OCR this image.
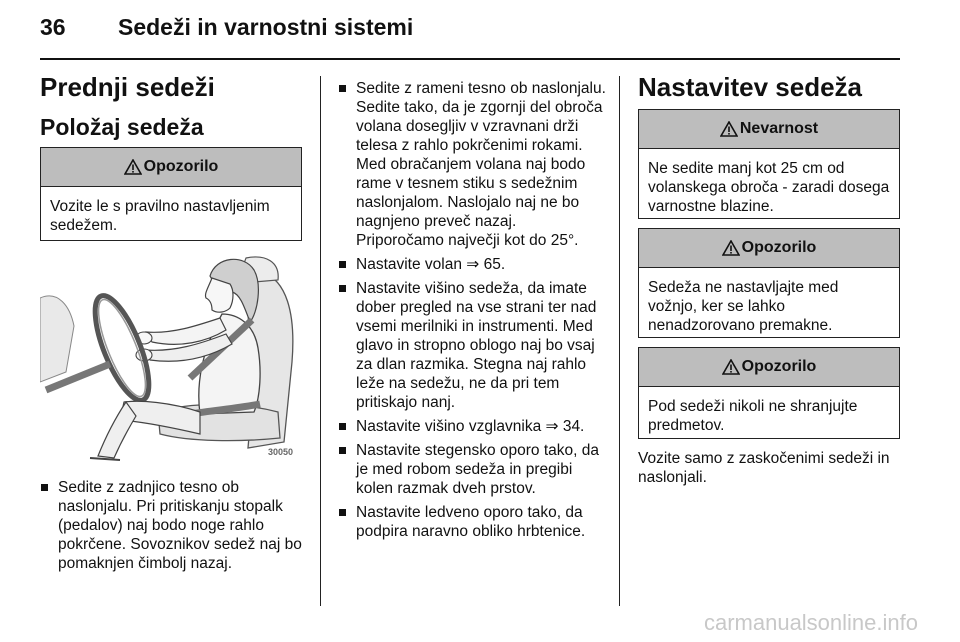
36 Sedeži in varnostni sistemi
Prednji sedeži
Položaj sedeža
Opozorilo
Vozite le s pravilno nastavljenim sedežem.
30050
Sedite z zadnjico tesno ob naslonjalu. Pri pritiskanju stopalk (pedalov) naj bodo noge rahlo pokrčene. Sovoznikov sedež naj bo pomaknjen čimbolj nazaj.
Sedite z rameni tesno ob naslonjalu. Sedite tako, da je zgornji del obroča volana dosegljiv v vzravnani drži telesa z rahlo pokrčenimi rokami. Med obračanjem volana naj bodo rame v tesnem stiku s sedežnim naslonjalom. Naslojalo naj ne bo nagnjeno preveč nazaj. Priporočamo največji kot do 25°.
Nastavite volan ⇒ 65.
Nastavite višino sedeža, da imate dober pregled na vse strani ter nad vsemi merilniki in instrumenti. Med glavo in stropno oblogo naj bo vsaj za dlan razmika. Stegna naj rahlo leže na sedežu, ne da pri tem pritiskajo nanj.
Nastavite višino vzglavnika ⇒ 34.
Nastavite stegensko oporo tako, da je med robom sedeža in pregibi kolen razmak dveh prstov.
Nastavite ledveno oporo tako, da podpira naravno obliko hrbtenice.
Nastavitev sedeža
Nevarnost
Ne sedite manj kot 25 cm od volanskega obroča - zaradi dosega varnostne blazine.
Opozorilo
Sedeža ne nastavljajte med vožnjo, ker se lahko nenadzorovano premakne.
Opozorilo
Pod sedeži nikoli ne shranjujte predmetov.

Vozite samo z zaskočenimi sedeži in naslonjali.

carmanualsonline.info
